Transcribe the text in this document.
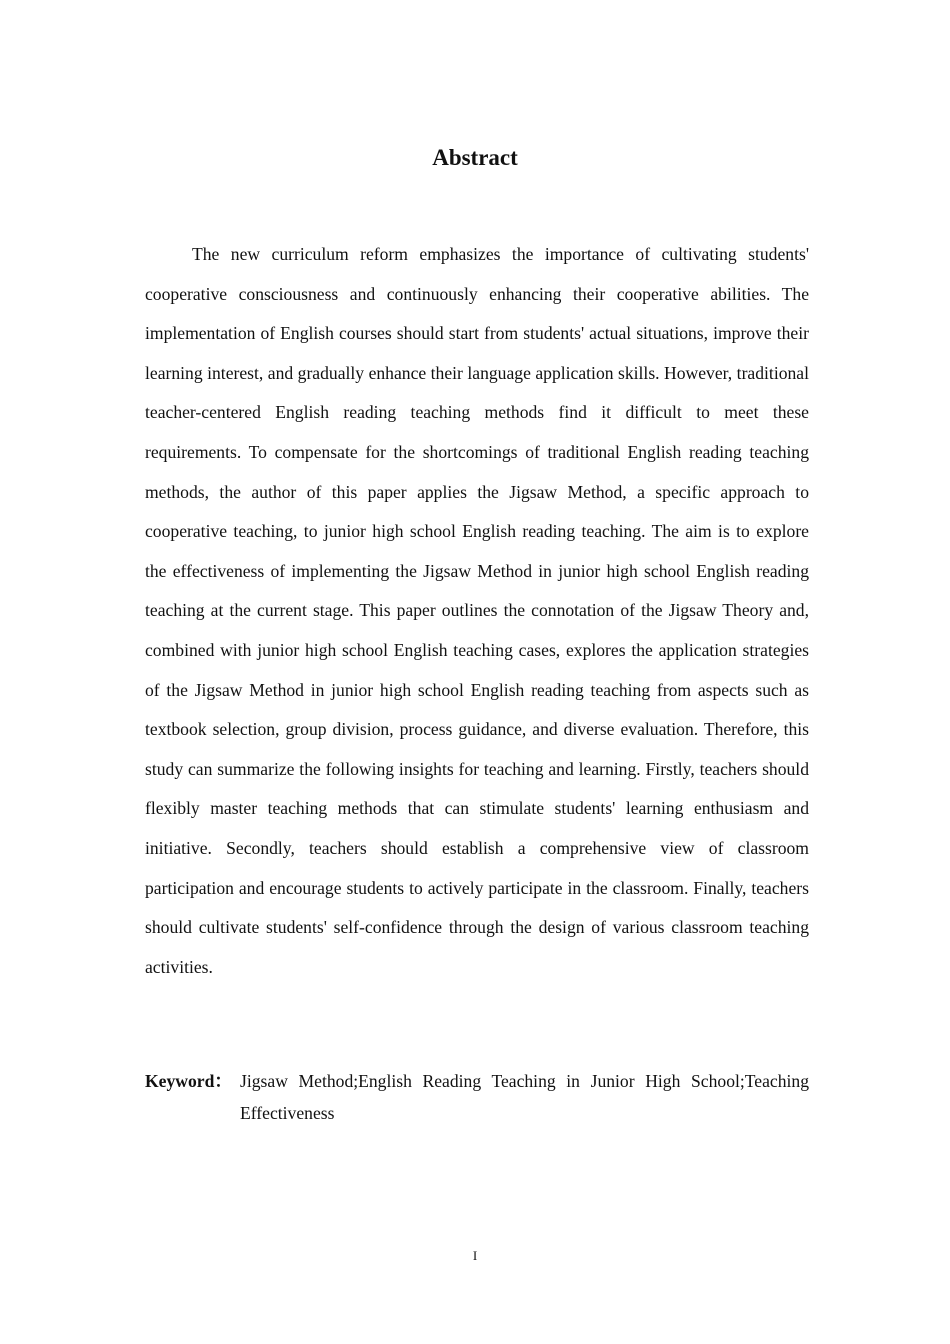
Abstract

The new curriculum reform emphasizes the importance of cultivating students' cooperative consciousness and continuously enhancing their cooperative abilities. The implementation of English courses should start from students' actual situations, improve their learning interest, and gradually enhance their language application skills. However, traditional teacher-centered English reading teaching methods find it difficult to meet these requirements. To compensate for the shortcomings of traditional English reading teaching methods, the author of this paper applies the Jigsaw Method, a specific approach to cooperative teaching, to junior high school English reading teaching. The aim is to explore the effectiveness of implementing the Jigsaw Method in junior high school English reading teaching at the current stage. This paper outlines the connotation of the Jigsaw Theory and, combined with junior high school English teaching cases, explores the application strategies of the Jigsaw Method in junior high school English reading teaching from aspects such as textbook selection, group division, process guidance, and diverse evaluation. Therefore, this study can summarize the following insights for teaching and learning. Firstly, teachers should flexibly master teaching methods that can stimulate students' learning enthusiasm and initiative. Secondly, teachers should establish a comprehensive view of classroom participation and encourage students to actively participate in the classroom. Finally, teachers should cultivate students' self-confidence through the design of various classroom teaching activities.

Keyword： Jigsaw Method;English Reading Teaching in Junior High School;Teaching Effectiveness
I
